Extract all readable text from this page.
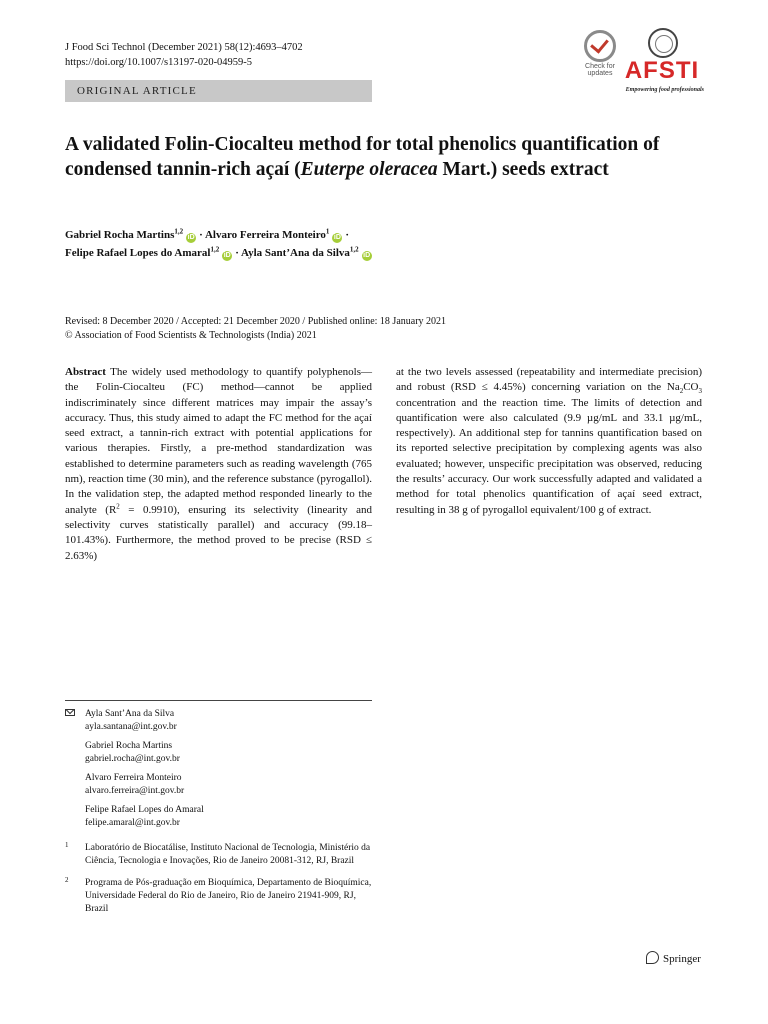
J Food Sci Technol (December 2021) 58(12):4693–4702
https://doi.org/10.1007/s13197-020-04959-5	Check for updates AFSTI
Empowering food professionals
ORIGINAL ARTICLE
A validated Folin-Ciocalteu method for total phenolics quantification of condensed tannin-rich açaí (Euterpe oleracea Mart.) seeds extract
Gabriel Rocha Martins$^{1,2}$iD · Alvaro Ferreira Monteiro$^1$iD ·
Felipe Rafael Lopes do Amaral$^{1,2}$iD · Ayla Sant’Ana da Silva$^{1,2}$iD
Revised: 8 December 2020 / Accepted: 21 December 2020 / Published online: 18 January 2021
© Association of Food Scientists & Technologists (India) 2021
Abstract The widely used methodology to quantify polyphenols—the Folin-Ciocalteu (FC) method—cannot be applied indiscriminately since different matrices may impair the assay’s accuracy. Thus, this study aimed to adapt the FC method for the açaí seed extract, a tannin-rich extract with potential applications for various therapies. Firstly, a pre-method standardization was established to determine parameters such as reading wavelength (765 nm), reaction time (30 min), and the reference substance (pyrogallol). In the validation step, the adapted method responded linearly to the analyte $(R^2 = 0.9910)$, ensuring its selectivity (linearity and selectivity curves statistically parallel) and accuracy (99.18–101.43%). Furthermore, the method proved to be precise (RSD ≤ 2.63%)
at the two levels assessed (repeatability and intermediate precision) and robust (RSD ≤ 4.45%) concerning variation on the $Na_2CO_3$ concentration and the reaction time. The limits of detection and quantification were also calculated (9.9 µg/mL and 33.1 µg/mL, respectively). An additional step for tannins quantification based on its reported selective precipitation by complexing agents was also evaluated; however, unspecific precipitation was observed, reducing the results’ accuracy. Our work successfully adapted and validated a method for total phenolics quantification of açaí seed extract, resulting in 38 g of pyrogallol equivalent/100 g of extract.
Ayla Sant’Ana da Silva
ayla.santana@int.gov.br
Gabriel Rocha Martins
gabriel.rocha@int.gov.br
Alvaro Ferreira Monteiro
alvaro.ferreira@int.gov.br
Felipe Rafael Lopes do Amaral
felipe.amaral@int.gov.br
1 Laboratório de Biocatálise, Instituto Nacional de Tecnologia, Ministério da Ciência, Tecnologia e Inovações, Rio de Janeiro 20081-312, RJ, Brazil
2 Programa de Pós-graduação em Bioquímica, Departamento de Bioquímica, Universidade Federal do Rio de Janeiro, Rio de Janeiro 21941-909, RJ, Brazil
Springer
